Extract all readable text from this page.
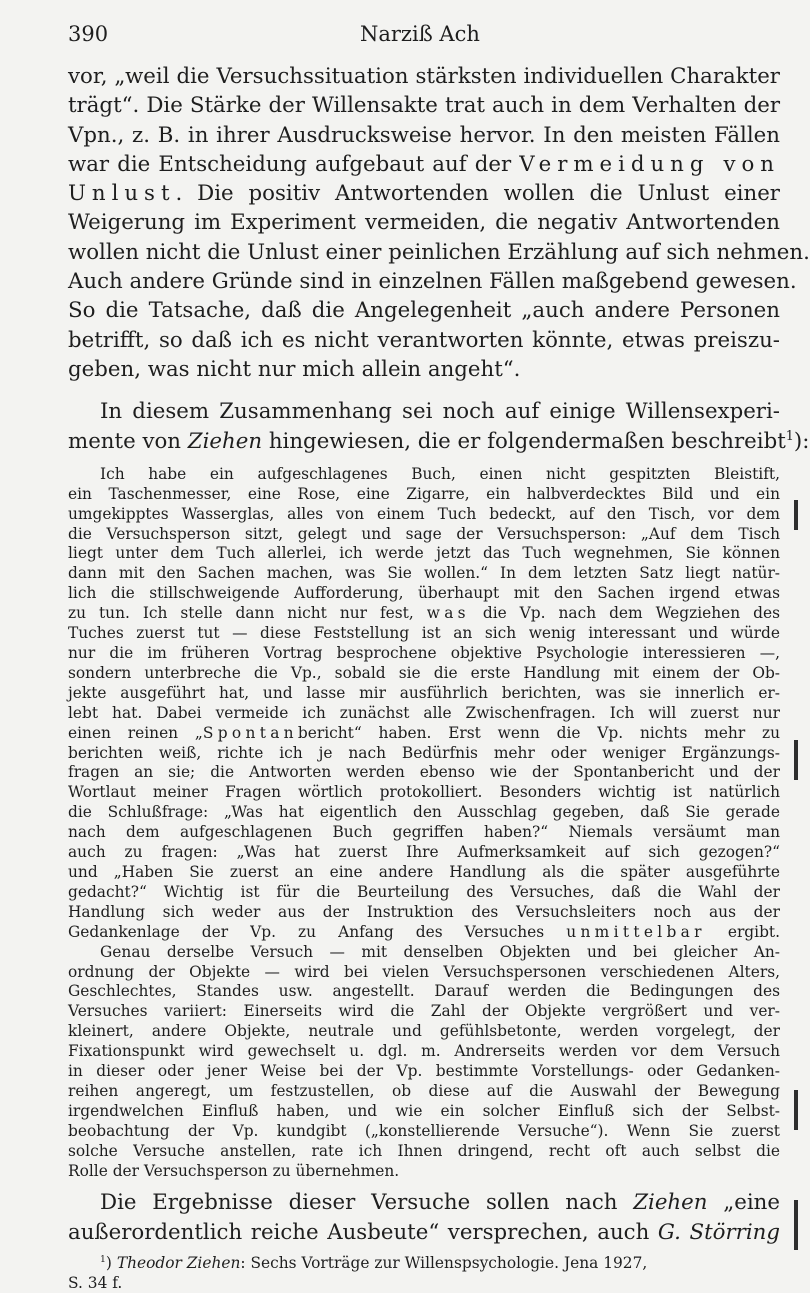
390	Narziß Ach
vor, „weil die Versuchssituation stärksten individuellen Charakter
trägt“. Die Stärke der Willensakte trat auch in dem Verhalten der
Vpn., z. B. in ihrer Ausdrucksweise hervor. In den meisten Fällen
war die Entscheidung aufgebaut auf der Vermeidung von
Unlust. Die positiv Antwortenden wollen die Unlust einer
Weigerung im Experiment vermeiden, die negativ Antwortenden
wollen nicht die Unlust einer peinlichen Erzählung auf sich nehmen.
Auch andere Gründe sind in einzelnen Fällen maßgebend gewesen.
So die Tatsache, daß die Angelegenheit „auch andere Personen
betrifft, so daß ich es nicht verantworten könnte, etwas preiszu-
geben, was nicht nur mich allein angeht“.
In diesem Zusammenhang sei noch auf einige Willensexperi-
mente von Ziehen hingewiesen, die er folgendermaßen beschreibt$^1$):
Ich habe ein aufgeschlagenes Buch, einen nicht gespitzten Bleistift,
ein Taschenmesser, eine Rose, eine Zigarre, ein halbverdecktes Bild und ein
umgekipptes Wasserglas, alles von einem Tuch bedeckt, auf den Tisch, vor dem
die Versuchsperson sitzt, gelegt und sage der Versuchsperson: „Auf dem Tisch
liegt unter dem Tuch allerlei, ich werde jetzt das Tuch wegnehmen, Sie können
dann mit den Sachen machen, was Sie wollen.“ In dem letzten Satz liegt natür-
lich die stillschweigende Aufforderung, überhaupt mit den Sachen irgend etwas
zu tun. Ich stelle dann nicht nur fest, was die Vp. nach dem Wegziehen des
Tuches zuerst tut — diese Feststellung ist an sich wenig interessant und würde
nur die im früheren Vortrag besprochene objektive Psychologie interessieren —,
sondern unterbreche die Vp., sobald sie die erste Handlung mit einem der Ob-
jekte ausgeführt hat, und lasse mir ausführlich berichten, was sie innerlich er-
lebt hat. Dabei vermeide ich zunächst alle Zwischenfragen. Ich will zuerst nur
einen reinen „Spontanbericht“ haben. Erst wenn die Vp. nichts mehr zu
berichten weiß, richte ich je nach Bedürfnis mehr oder weniger Ergänzungs-
fragen an sie; die Antworten werden ebenso wie der Spontanbericht und der
Wortlaut meiner Fragen wörtlich protokolliert. Besonders wichtig ist natürlich
die Schlußfrage: „Was hat eigentlich den Ausschlag gegeben, daß Sie gerade
nach dem aufgeschlagenen Buch gegriffen haben?“ Niemals versäumt man
auch zu fragen: „Was hat zuerst Ihre Aufmerksamkeit auf sich gezogen?“
und „Haben Sie zuerst an eine andere Handlung als die später ausgeführte
gedacht?“ Wichtig ist für die Beurteilung des Versuches, daß die Wahl der
Handlung sich weder aus der Instruktion des Versuchsleiters noch aus der
Gedankenlage der Vp. zu Anfang des Versuches unmittelbar ergibt.
Genau derselbe Versuch — mit denselben Objekten und bei gleicher An-
ordnung der Objekte — wird bei vielen Versuchspersonen verschiedenen Alters,
Geschlechtes, Standes usw. angestellt. Darauf werden die Bedingungen des
Versuches variiert: Einerseits wird die Zahl der Objekte vergrößert und ver-
kleinert, andere Objekte, neutrale und gefühlsbetonte, werden vorgelegt, der
Fixationspunkt wird gewechselt u. dgl. m. Andrerseits werden vor dem Versuch
in dieser oder jener Weise bei der Vp. bestimmte Vorstellungs- oder Gedanken-
reihen angeregt, um festzustellen, ob diese auf die Auswahl der Bewegung
irgendwelchen Einfluß haben, und wie ein solcher Einfluß sich der Selbst-
beobachtung der Vp. kundgibt („konstellierende Versuche“). Wenn Sie zuerst
solche Versuche anstellen, rate ich Ihnen dringend, recht oft auch selbst die
Rolle der Versuchsperson zu übernehmen.
Die Ergebnisse dieser Versuche sollen nach Ziehen „eine
außerordentlich reiche Ausbeute“ versprechen, auch G. Störring
$^1$) Theodor Ziehen: Sechs Vorträge zur Willenspsychologie. Jena 1927,
S. 34 f.
